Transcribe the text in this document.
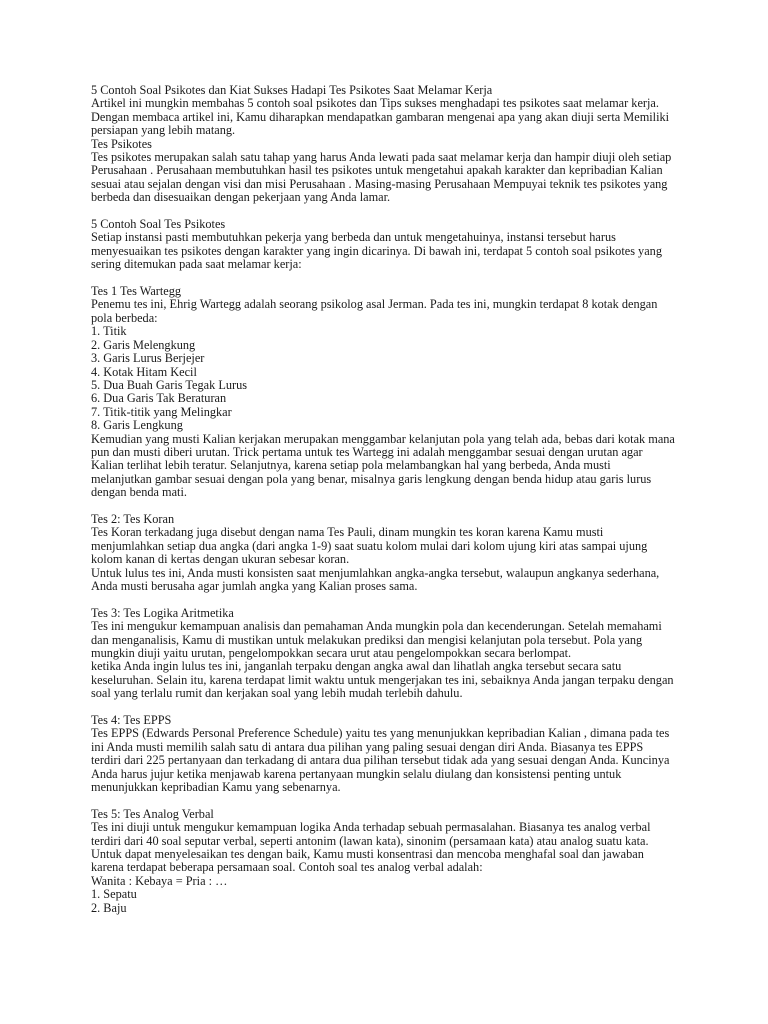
5 Contoh Soal Psikotes dan Kiat Sukses Hadapi Tes Psikotes Saat Melamar Kerja
Artikel ini mungkin membahas 5 contoh soal psikotes dan Tips sukses menghadapi tes psikotes saat melamar kerja.
Dengan membaca artikel ini, Kamu diharapkan mendapatkan gambaran mengenai apa yang akan diuji serta Memiliki
persiapan yang lebih matang.
Tes Psikotes
Tes psikotes merupakan salah satu tahap yang harus Anda lewati pada saat melamar kerja dan hampir diuji oleh setiap
Perusahaan . Perusahaan membutuhkan hasil tes psikotes untuk mengetahui apakah karakter dan kepribadian Kalian
sesuai atau sejalan dengan visi dan misi Perusahaan . Masing-masing Perusahaan Mempuyai teknik tes psikotes yang
berbeda dan disesuaikan dengan pekerjaan yang Anda lamar.
5 Contoh Soal Tes Psikotes
Setiap instansi pasti membutuhkan pekerja yang berbeda dan untuk mengetahuinya, instansi tersebut harus
menyesuaikan tes psikotes dengan karakter yang ingin dicarinya. Di bawah ini, terdapat 5 contoh soal psikotes yang
sering ditemukan pada saat melamar kerja:
Tes 1 Tes Wartegg
Penemu tes ini, Ehrig Wartegg adalah seorang psikolog asal Jerman. Pada tes ini, mungkin terdapat 8 kotak dengan
pola berbeda:
1. Titik
2. Garis Melengkung
3. Garis Lurus Berjejer
4. Kotak Hitam Kecil
5. Dua Buah Garis Tegak Lurus
6. Dua Garis Tak Beraturan
7. Titik-titik yang Melingkar
8. Garis Lengkung
Kemudian yang musti Kalian kerjakan merupakan menggambar kelanjutan pola yang telah ada, bebas dari kotak mana
pun dan musti diberi urutan. Trick pertama untuk tes Wartegg ini adalah menggambar sesuai dengan urutan agar
Kalian terlihat lebih teratur. Selanjutnya, karena setiap pola melambangkan hal yang berbeda, Anda musti
melanjutkan gambar sesuai dengan pola yang benar, misalnya garis lengkung dengan benda hidup atau garis lurus
dengan benda mati.
Tes 2: Tes Koran
Tes Koran terkadang juga disebut dengan nama Tes Pauli, dinam mungkin tes koran karena Kamu musti
menjumlahkan setiap dua angka (dari angka 1-9) saat suatu kolom mulai dari kolom ujung kiri atas sampai ujung
kolom kanan di kertas dengan ukuran sebesar koran.
Untuk lulus tes ini, Anda musti konsisten saat menjumlahkan angka-angka tersebut, walaupun angkanya sederhana,
Anda musti berusaha agar jumlah angka yang Kalian proses sama.
Tes 3: Tes Logika Aritmetika
Tes ini mengukur kemampuan analisis dan pemahaman Anda mungkin pola dan kecenderungan. Setelah memahami
dan menganalisis, Kamu di mustikan untuk melakukan prediksi dan mengisi kelanjutan pola tersebut. Pola yang
mungkin diuji yaitu urutan, pengelompokkan secara urut atau pengelompokkan secara berlompat.
ketika Anda ingin lulus tes ini, janganlah terpaku dengan angka awal dan lihatlah angka tersebut secara satu
keseluruhan. Selain itu, karena terdapat limit waktu untuk mengerjakan tes ini, sebaiknya Anda jangan terpaku dengan
soal yang terlalu rumit dan kerjakan soal yang lebih mudah terlebih dahulu.
Tes 4: Tes EPPS
Tes EPPS (Edwards Personal Preference Schedule) yaitu tes yang menunjukkan kepribadian Kalian , dimana pada tes
ini Anda musti memilih salah satu di antara dua pilihan yang paling sesuai dengan diri Anda. Biasanya tes EPPS
terdiri dari 225 pertanyaan dan terkadang di antara dua pilihan tersebut tidak ada yang sesuai dengan Anda. Kuncinya
Anda harus jujur ketika menjawab karena pertanyaan mungkin selalu diulang dan konsistensi penting untuk
menunjukkan kepribadian Kamu yang sebenarnya.
Tes 5: Tes Analog Verbal
Tes ini diuji untuk mengukur kemampuan logika Anda terhadap sebuah permasalahan. Biasanya tes analog verbal
terdiri dari 40 soal seputar verbal, seperti antonim (lawan kata), sinonim (persamaan kata) atau analog suatu kata.
Untuk dapat menyelesaikan tes dengan baik, Kamu musti konsentrasi dan mencoba menghafal soal dan jawaban
karena terdapat beberapa persamaan soal. Contoh soal tes analog verbal adalah:
Wanita : Kebaya = Pria : …
1. Sepatu
2. Baju
